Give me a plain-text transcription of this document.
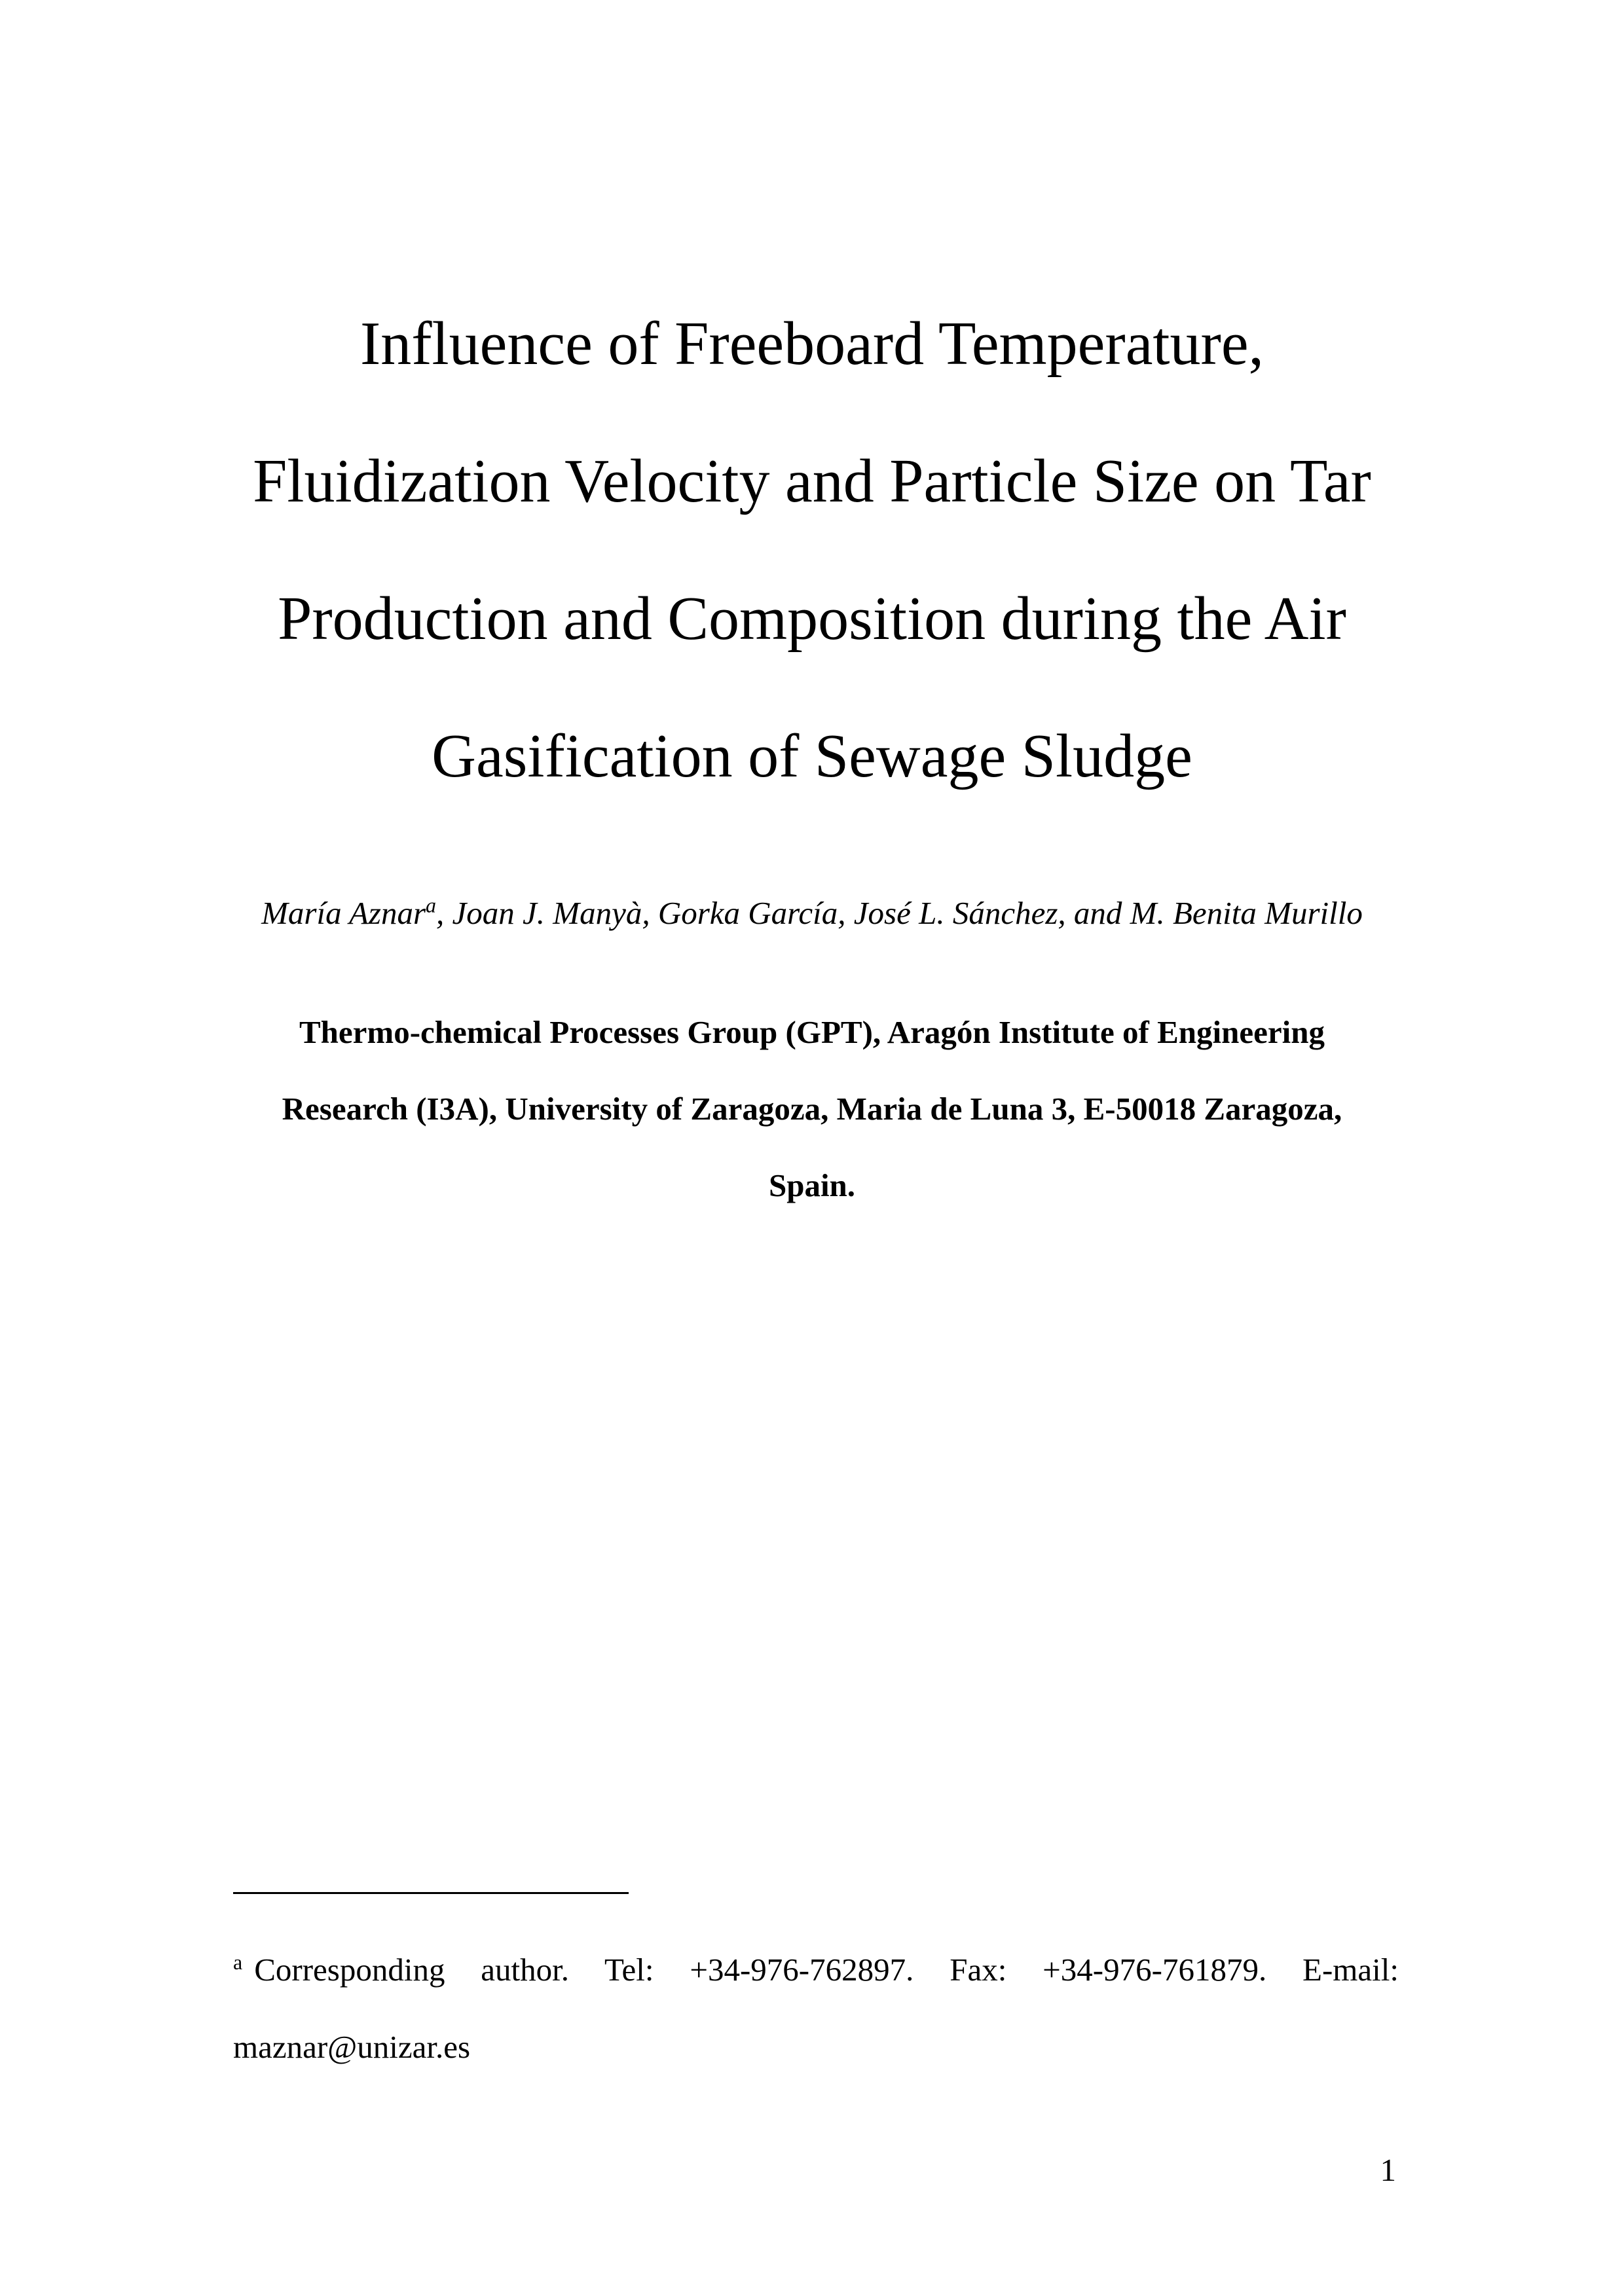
Influence of Freeboard Temperature,
Fluidization Velocity and Particle Size on Tar
Production and Composition during the Air
Gasification of Sewage Sludge
María Aznar$^a$, Joan J. Manyà, Gorka García, José L. Sánchez, and M. Benita Murillo
Thermo-chemical Processes Group (GPT), Aragón Institute of Engineering
Research (I3A), University of Zaragoza, Maria de Luna 3, E-50018 Zaragoza,
Spain.
$^a$ Corresponding author. Tel: +34-976-762897. Fax: +34-976-761879. E-mail:
maznar@unizar.es
1
